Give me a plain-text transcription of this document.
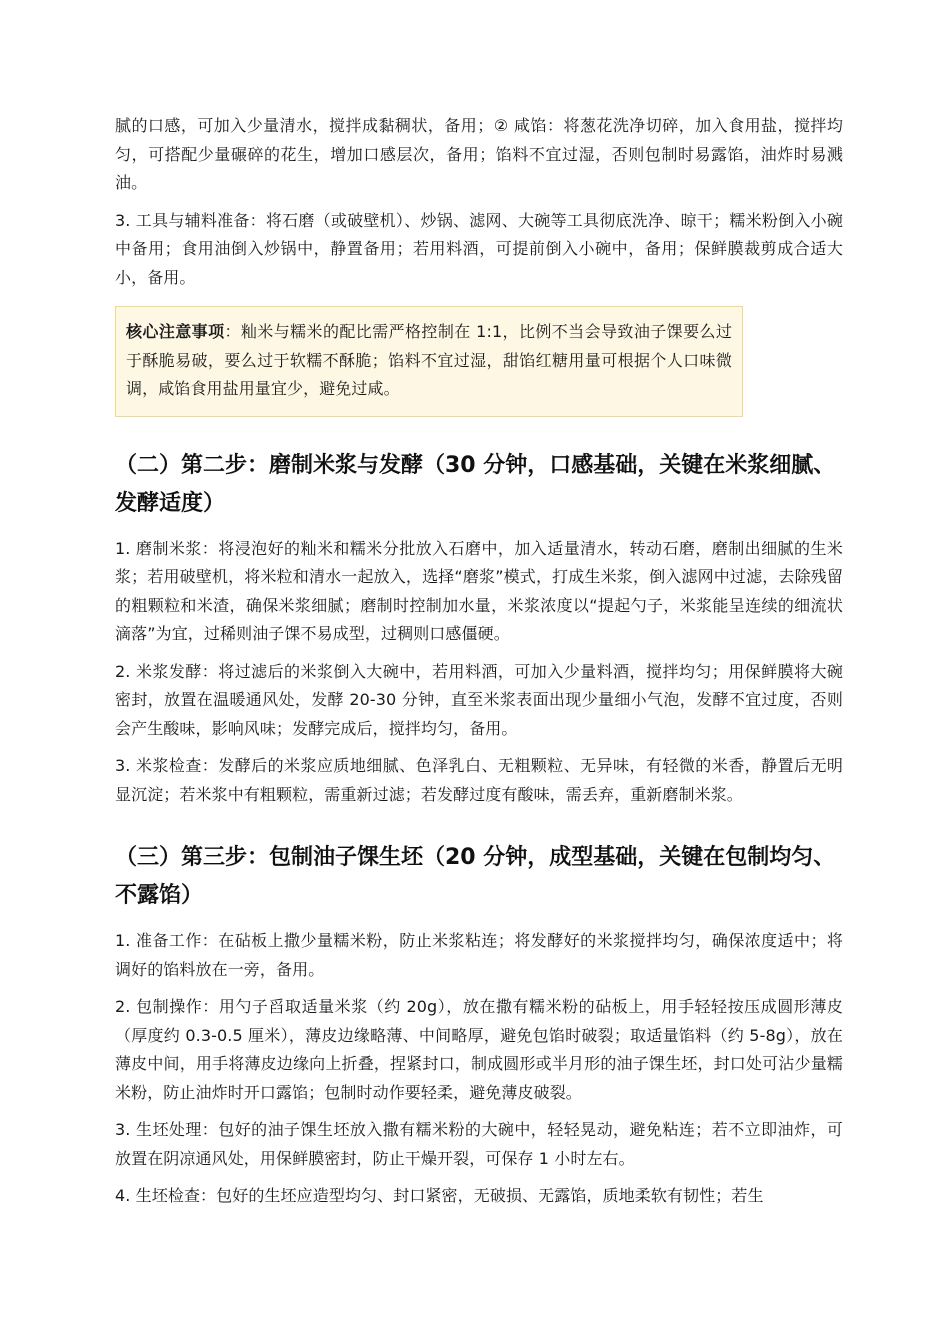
腻的口感，可加入少量清水，搅拌成黏稠状，备用；② 咸馅：将葱花洗净切碎，加入食用盐，搅拌均匀，可搭配少量碾碎的花生，增加口感层次，备用；馅料不宜过湿，否则包制时易露馅，油炸时易溅油。

3. 工具与辅料准备：将石磨（或破壁机）、炒锅、滤网、大碗等工具彻底洗净、晾干；糯米粉倒入小碗中备用；食用油倒入炒锅中，静置备用；若用料酒，可提前倒入小碗中，备用；保鲜膜裁剪成合适大小，备用。

核心注意事项：籼米与糯米的配比需严格控制在 1:1，比例不当会导致油子馃要么过于酥脆易破，要么过于软糯不酥脆；馅料不宜过湿，甜馅红糖用量可根据个人口味微调，咸馅食用盐用量宜少，避免过咸。

（二）第二步：磨制米浆与发酵（30 分钟，口感基础，关键在米浆细腻、发酵适度）

1. 磨制米浆：将浸泡好的籼米和糯米分批放入石磨中，加入适量清水，转动石磨，磨制出细腻的生米浆；若用破壁机，将米粒和清水一起放入，选择“磨浆”模式，打成生米浆，倒入滤网中过滤，去除残留的粗颗粒和米渣，确保米浆细腻；磨制时控制加水量，米浆浓度以“提起勺子，米浆能呈连续的细流状滴落”为宜，过稀则油子馃不易成型，过稠则口感僵硬。

2. 米浆发酵：将过滤后的米浆倒入大碗中，若用料酒，可加入少量料酒，搅拌均匀；用保鲜膜将大碗密封，放置在温暖通风处，发酵 20-30 分钟，直至米浆表面出现少量细小气泡，发酵不宜过度，否则会产生酸味，影响风味；发酵完成后，搅拌均匀，备用。

3. 米浆检查：发酵后的米浆应质地细腻、色泽乳白、无粗颗粒、无异味，有轻微的米香，静置后无明显沉淀；若米浆中有粗颗粒，需重新过滤；若发酵过度有酸味，需丢弃，重新磨制米浆。

（三）第三步：包制油子馃生坯（20 分钟，成型基础，关键在包制均匀、不露馅）

1. 准备工作：在砧板上撒少量糯米粉，防止米浆粘连；将发酵好的米浆搅拌均匀，确保浓度适中；将调好的馅料放在一旁，备用。

2. 包制操作：用勺子舀取适量米浆（约 20g），放在撒有糯米粉的砧板上，用手轻轻按压成圆形薄皮（厚度约 0.3-0.5 厘米），薄皮边缘略薄、中间略厚，避免包馅时破裂；取适量馅料（约 5-8g），放在薄皮中间，用手将薄皮边缘向上折叠，捏紧封口，制成圆形或半月形的油子馃生坯，封口处可沾少量糯米粉，防止油炸时开口露馅；包制时动作要轻柔，避免薄皮破裂。

3. 生坯处理：包好的油子馃生坯放入撒有糯米粉的大碗中，轻轻晃动，避免粘连；若不立即油炸，可放置在阴凉通风处，用保鲜膜密封，防止干燥开裂，可保存 1 小时左右。

4. 生坯检查：包好的生坯应造型均匀、封口紧密，无破损、无露馅，质地柔软有韧性；若生
